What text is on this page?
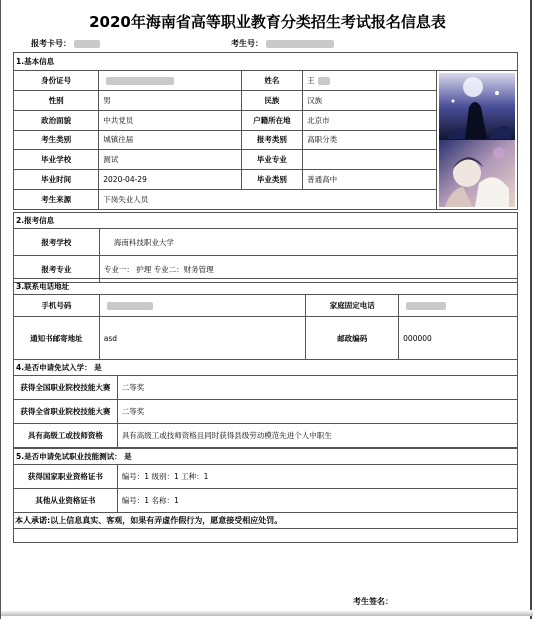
2020年海南省高等职业教育分类招生考试报名信息表
报考卡号：	考生号：
1.基本信息				
身份证号		姓名	王	

性别	男	民族	汉族	
政治面貌	中共党员	户籍所在地	北京市	
考生类别	城镇往届	报考类别	高职分类	
毕业学校	测试	毕业专业		
毕业时间	2020-04-29	毕业类别	普通高中	
考生来源	下岗失业人员			
2.报考信息	
报考学校	海南科技职业大学
报考专业	专业一： 护理 专业二：财务管理
3.联系电话地址			
手机号码		家庭固定电话	
通知书邮寄地址	asd	邮政编码	000000
4.是否申请免试入学： 是	
获得全国职业院校技能大赛	二等奖
获得全省职业院校技能大赛	二等奖
具有高级工或技师资格	具有高级工或技师资格且同时获得县级劳动模范先进个人中职生
5.是否申请免试职业技能测试： 是	
获得国家职业资格证书	编号：1 级别：1 工种：1
其他从业资格证书	编号：1 名称：1
本人承诺:以上信息真实、客观，如果有弄虚作假行为，愿意接受相应处罚。

考生签名：
